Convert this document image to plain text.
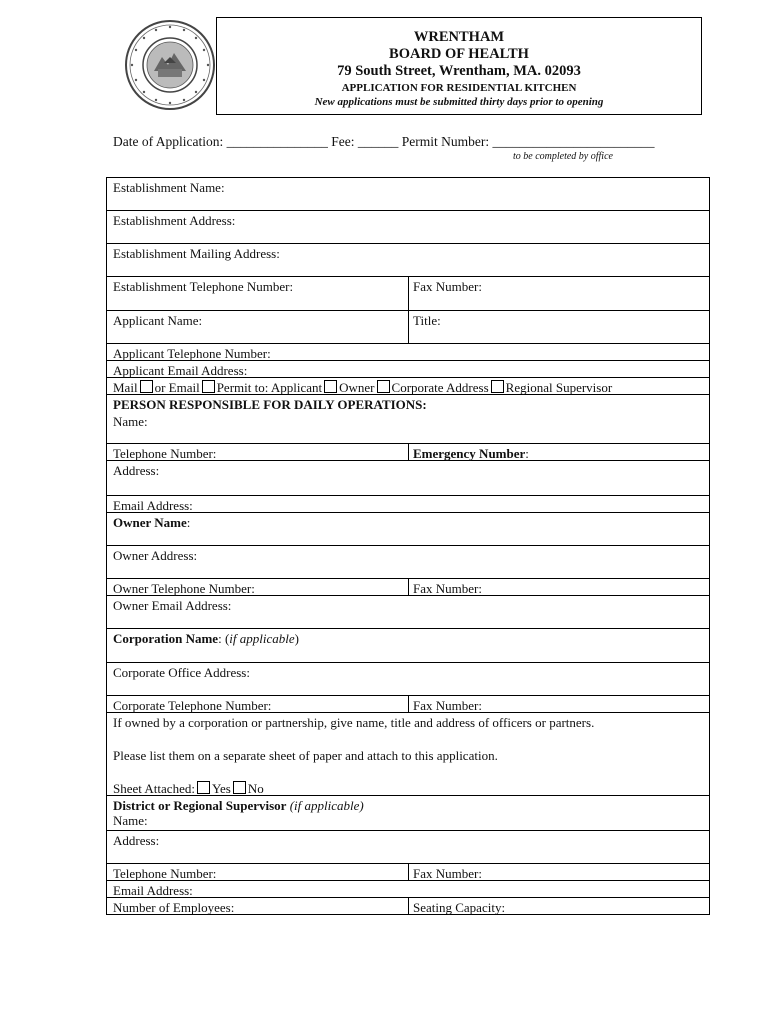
WRENTHAM
BOARD OF HEALTH
79 South Street, Wrentham, MA. 02093
APPLICATION FOR RESIDENTIAL KITCHEN
New applications must be submitted thirty days prior to opening
Date of Application: _______________ Fee: ______ Permit Number: ________________________
to be completed by office
Establishment Name:
Establishment Address:
Establishment Mailing Address:
Establishment Telephone Number:	Fax Number:
Applicant Name:	Title:
Applicant Telephone Number:
Applicant Email Address:
Mail or Email Permit to: Applicant Owner Corporate Address Regional Supervisor
PERSON RESPONSIBLE FOR DAILY OPERATIONS:
Name:
Telephone Number:	Emergency Number:
Address:
Email Address:
Owner Name:
Owner Address:
Owner Telephone Number:	Fax Number:
Owner Email Address:
Corporation Name: (if applicable)
Corporate Office Address:
Corporate Telephone Number:	Fax Number:
If owned by a corporation or partnership, give name, title and address of officers or partners.
Please list them on a separate sheet of paper and attach to this application.
Sheet Attached: Yes No
District or Regional Supervisor (if applicable)
Name:
Address:
Telephone Number:	Fax Number:
Email Address:
Number of Employees:	Seating Capacity:
